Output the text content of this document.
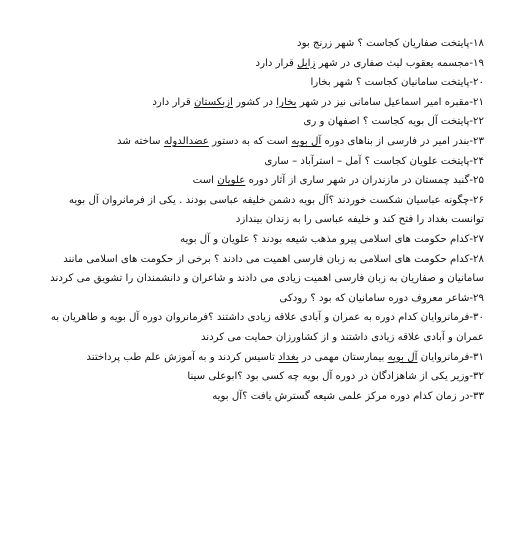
۱۸-پایتخت صفاریان کجاست ؟ شهر زرنج بود
۱۹-مجسمه یعقوب لیث صفاری در شهر زابل قرار دارد
۲۰-پایتخت سامانیان کجاست ؟ شهر بخارا
۲۱-مقبره امیر اسماعیل سامانی نیز در شهر بخارا در کشور ازبکستان قرار دارد
۲۲-پایتخت آل بویه کجاست ؟ اصفهان و ری
۲۳-بندر امیر در فارسی از بناهای دوره آل بویه است که به دستور عضدالدوله ساخته شد
۲۴-پایتخت علویان کجاست ؟ آمل – استرآباد – ساری
۲۵-گنبد چمستان در مازندران در شهر ساری از آثار دوره علویان است
۲۶-چگونه عباسیان شکست خوردند ؟آل بویه دشمن خلیفه عباسی بودند . یکی از فرمانروان آل بویه توانست بغداد را فتح کند و خلیفه عباسی را به زندان بیندازد
۲۷-کدام حکومت های اسلامی پیرو مذهب شیعه بودند ؟ علویان و آل بویه
۲۸-کدام حکومت های اسلامی به زبان فارسی اهمیت می دادند ؟ برخی از حکومت های اسلامی مانند سامانیان و صفاریان به زبان فارسی اهمیت زیادی می دادند و شاعران و دانشمندان را تشویق می کردند
۲۹-شاعر معروف دوره سامانیان که بود ؟ رودکی
۳۰-فرمانروایان کدام دوره به عمران و آبادی علاقه زیادی داشتند ؟فرمانروان دوره آل بویه و طاهریان به عمران و آبادی علاقه زیادی داشتند و از کشاورزان حمایت می کردند
۳۱-فرمانروایان آل بویه بیمارستان مهمی در بغداد تاسیس کردند و به آموزش علم طب پرداختند
۳۲-وزیر یکی از شاهزادگان در دوره آل بویه چه کسی بود ؟ابوعلی سینا
۳۳-در زمان کدام دوره مرکز علمی شیعه گسترش یافت ؟آل بویه
